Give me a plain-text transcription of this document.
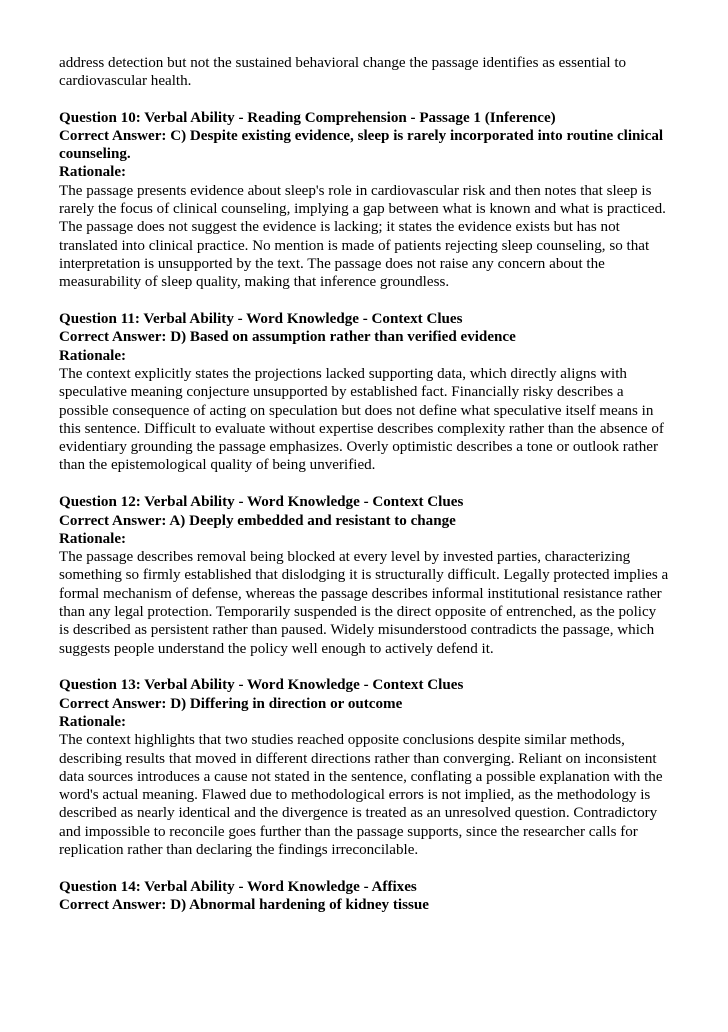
address detection but not the sustained behavioral change the passage identifies as essential to cardiovascular health.

Question 10: Verbal Ability - Reading Comprehension - Passage 1 (Inference)

Correct Answer: C) Despite existing evidence, sleep is rarely incorporated into routine clinical counseling.

Rationale:

The passage presents evidence about sleep's role in cardiovascular risk and then notes that sleep is rarely the focus of clinical counseling, implying a gap between what is known and what is practiced. The passage does not suggest the evidence is lacking; it states the evidence exists but has not translated into clinical practice. No mention is made of patients rejecting sleep counseling, so that interpretation is unsupported by the text. The passage does not raise any concern about the measurability of sleep quality, making that inference groundless.

Question 11: Verbal Ability - Word Knowledge - Context Clues

Correct Answer: D) Based on assumption rather than verified evidence

Rationale:

The context explicitly states the projections lacked supporting data, which directly aligns with speculative meaning conjecture unsupported by established fact. Financially risky describes a possible consequence of acting on speculation but does not define what speculative itself means in this sentence. Difficult to evaluate without expertise describes complexity rather than the absence of evidentiary grounding the passage emphasizes. Overly optimistic describes a tone or outlook rather than the epistemological quality of being unverified.

Question 12: Verbal Ability - Word Knowledge - Context Clues

Correct Answer: A) Deeply embedded and resistant to change

Rationale:

The passage describes removal being blocked at every level by invested parties, characterizing something so firmly established that dislodging it is structurally difficult. Legally protected implies a formal mechanism of defense, whereas the passage describes informal institutional resistance rather than any legal protection. Temporarily suspended is the direct opposite of entrenched, as the policy is described as persistent rather than paused. Widely misunderstood contradicts the passage, which suggests people understand the policy well enough to actively defend it.

Question 13: Verbal Ability - Word Knowledge - Context Clues

Correct Answer: D) Differing in direction or outcome

Rationale:

The context highlights that two studies reached opposite conclusions despite similar methods, describing results that moved in different directions rather than converging. Reliant on inconsistent data sources introduces a cause not stated in the sentence, conflating a possible explanation with the word's actual meaning. Flawed due to methodological errors is not implied, as the methodology is described as nearly identical and the divergence is treated as an unresolved question. Contradictory and impossible to reconcile goes further than the passage supports, since the researcher calls for replication rather than declaring the findings irreconcilable.

Question 14: Verbal Ability - Word Knowledge - Affixes

Correct Answer: D) Abnormal hardening of kidney tissue
